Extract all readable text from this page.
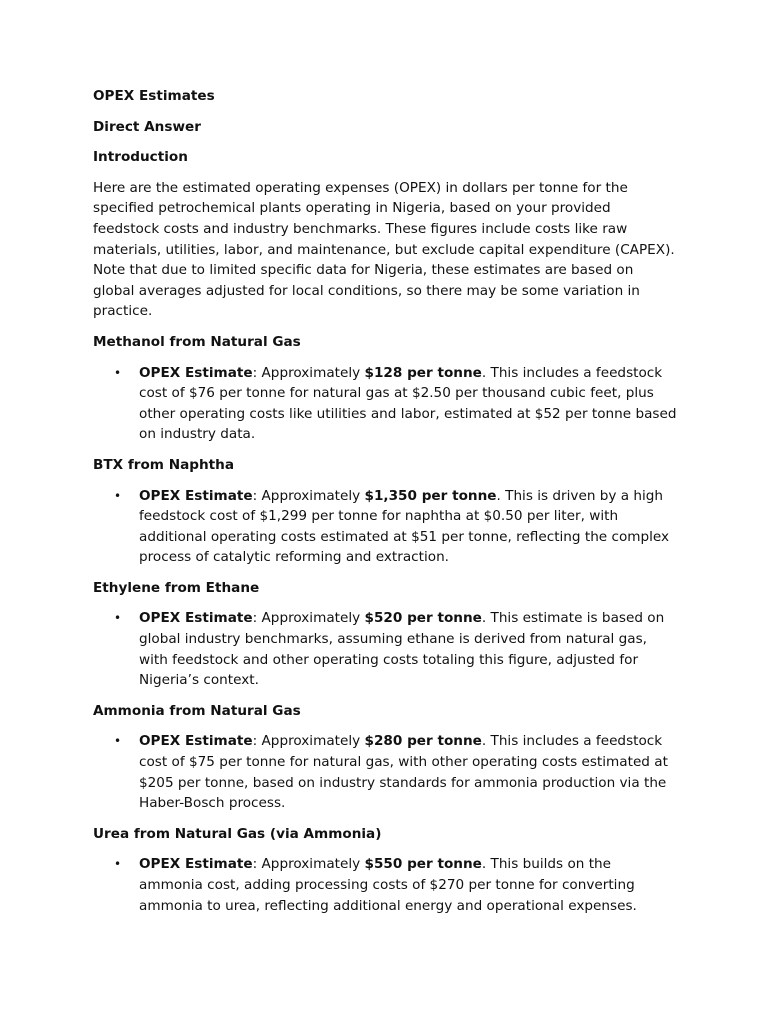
OPEX Estimates
Direct Answer
Introduction
Here are the estimated operating expenses (OPEX) in dollars per tonne for the specified petrochemical plants operating in Nigeria, based on your provided feedstock costs and industry benchmarks. These figures include costs like raw materials, utilities, labor, and maintenance, but exclude capital expenditure (CAPEX). Note that due to limited specific data for Nigeria, these estimates are based on global averages adjusted for local conditions, so there may be some variation in practice.
Methanol from Natural Gas
• OPEX Estimate: Approximately $128 per tonne. This includes a feedstock cost of $76 per tonne for natural gas at $2.50 per thousand cubic feet, plus other operating costs like utilities and labor, estimated at $52 per tonne based on industry data.
BTX from Naphtha
• OPEX Estimate: Approximately $1,350 per tonne. This is driven by a high feedstock cost of $1,299 per tonne for naphtha at $0.50 per liter, with additional operating costs estimated at $51 per tonne, reflecting the complex process of catalytic reforming and extraction.
Ethylene from Ethane
• OPEX Estimate: Approximately $520 per tonne. This estimate is based on global industry benchmarks, assuming ethane is derived from natural gas, with feedstock and other operating costs totaling this figure, adjusted for Nigeria’s context.
Ammonia from Natural Gas
• OPEX Estimate: Approximately $280 per tonne. This includes a feedstock cost of $75 per tonne for natural gas, with other operating costs estimated at $205 per tonne, based on industry standards for ammonia production via the Haber-Bosch process.
Urea from Natural Gas (via Ammonia)
• OPEX Estimate: Approximately $550 per tonne. This builds on the ammonia cost, adding processing costs of $270 per tonne for converting ammonia to urea, reflecting additional energy and operational expenses.
